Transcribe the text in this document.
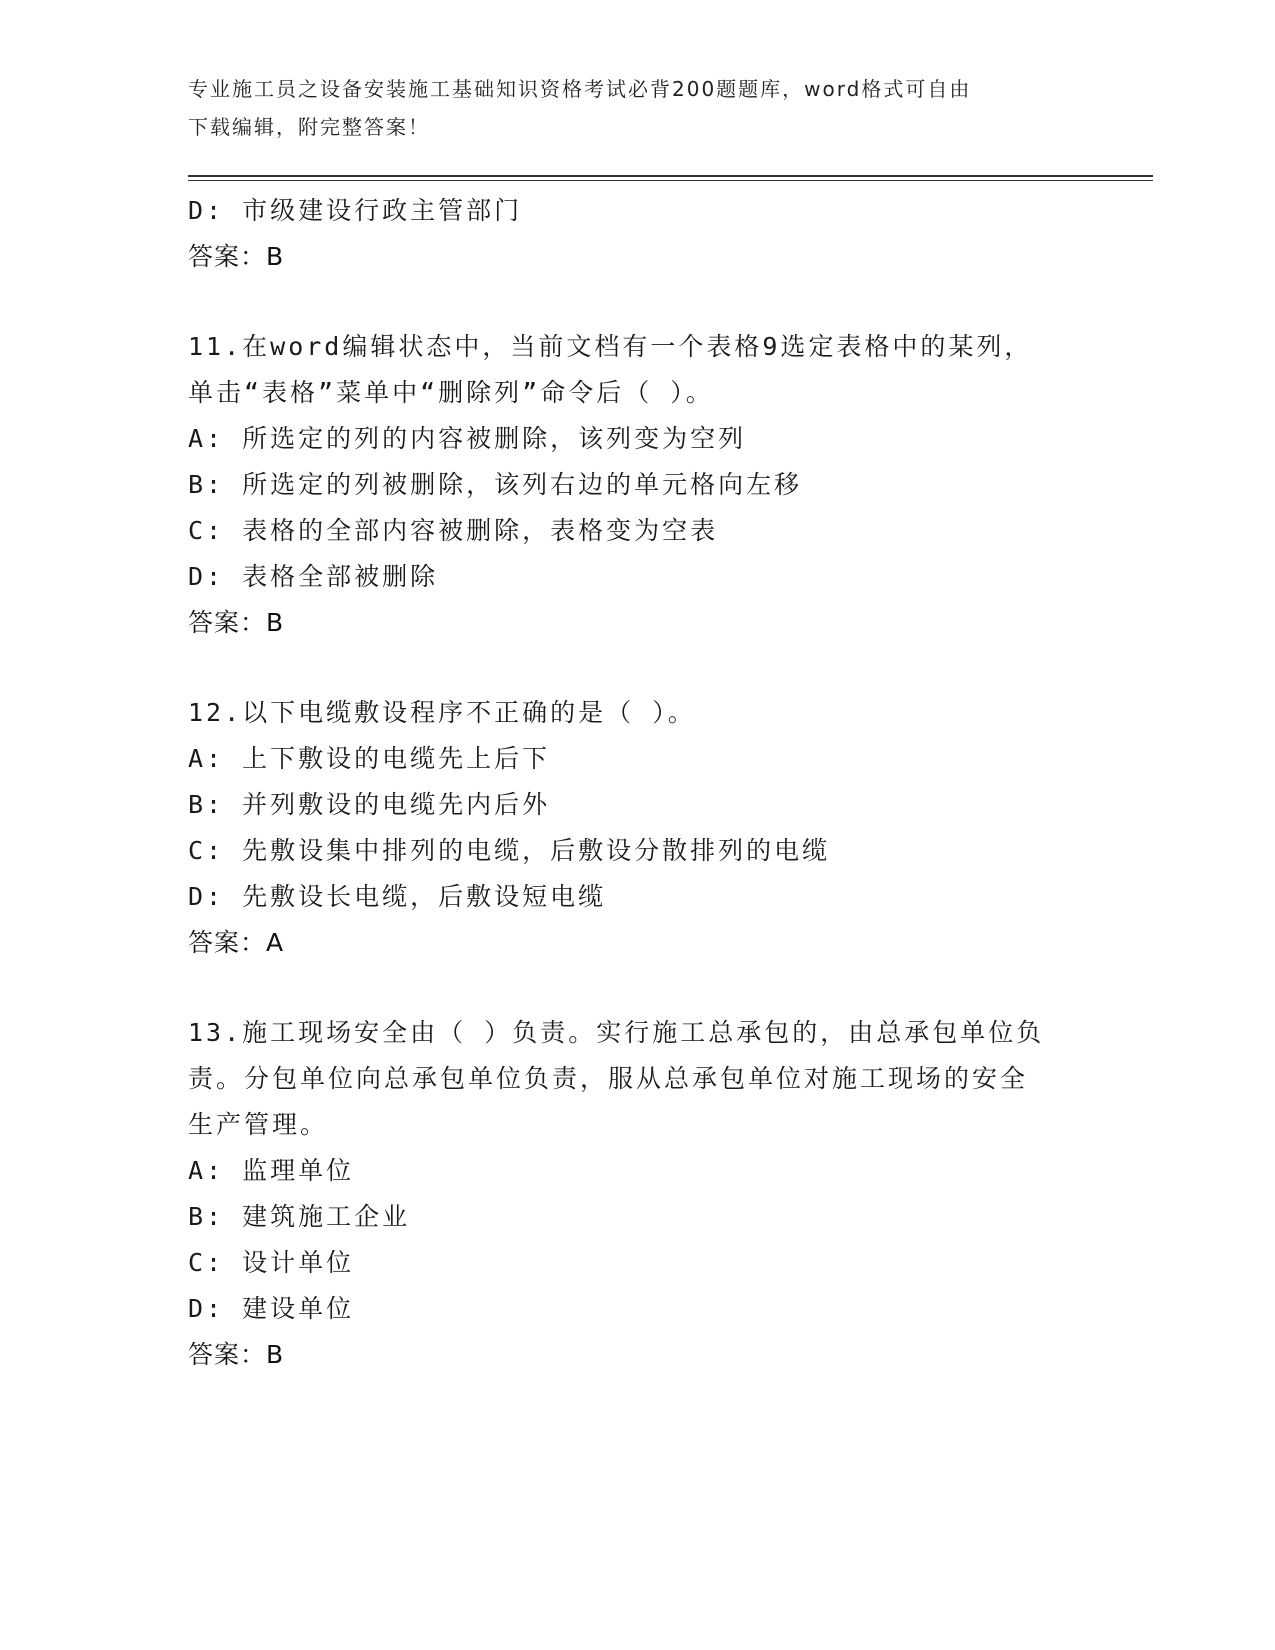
专业施工员之设备安装施工基础知识资格考试必背200题题库，word格式可自由
下载编辑，附完整答案！
D: 市级建设行政主管部门
答案：B
11.在word编辑状态中，当前文档有一个表格9选定表格中的某列，
单击“表格”菜单中“删除列”命令后（ ）。
A: 所选定的列的内容被删除，该列变为空列
B: 所选定的列被删除，该列右边的单元格向左移
C: 表格的全部内容被删除，表格变为空表
D: 表格全部被删除
答案：B
12.以下电缆敷设程序不正确的是（ ）。
A: 上下敷设的电缆先上后下
B: 并列敷设的电缆先内后外
C: 先敷设集中排列的电缆，后敷设分散排列的电缆
D: 先敷设长电缆，后敷设短电缆
答案：A
13.施工现场安全由（ ）负责。实行施工总承包的，由总承包单位负
责。分包单位向总承包单位负责，服从总承包单位对施工现场的安全
生产管理。
A: 监理单位
B: 建筑施工企业
C: 设计单位
D: 建设单位
答案：B
